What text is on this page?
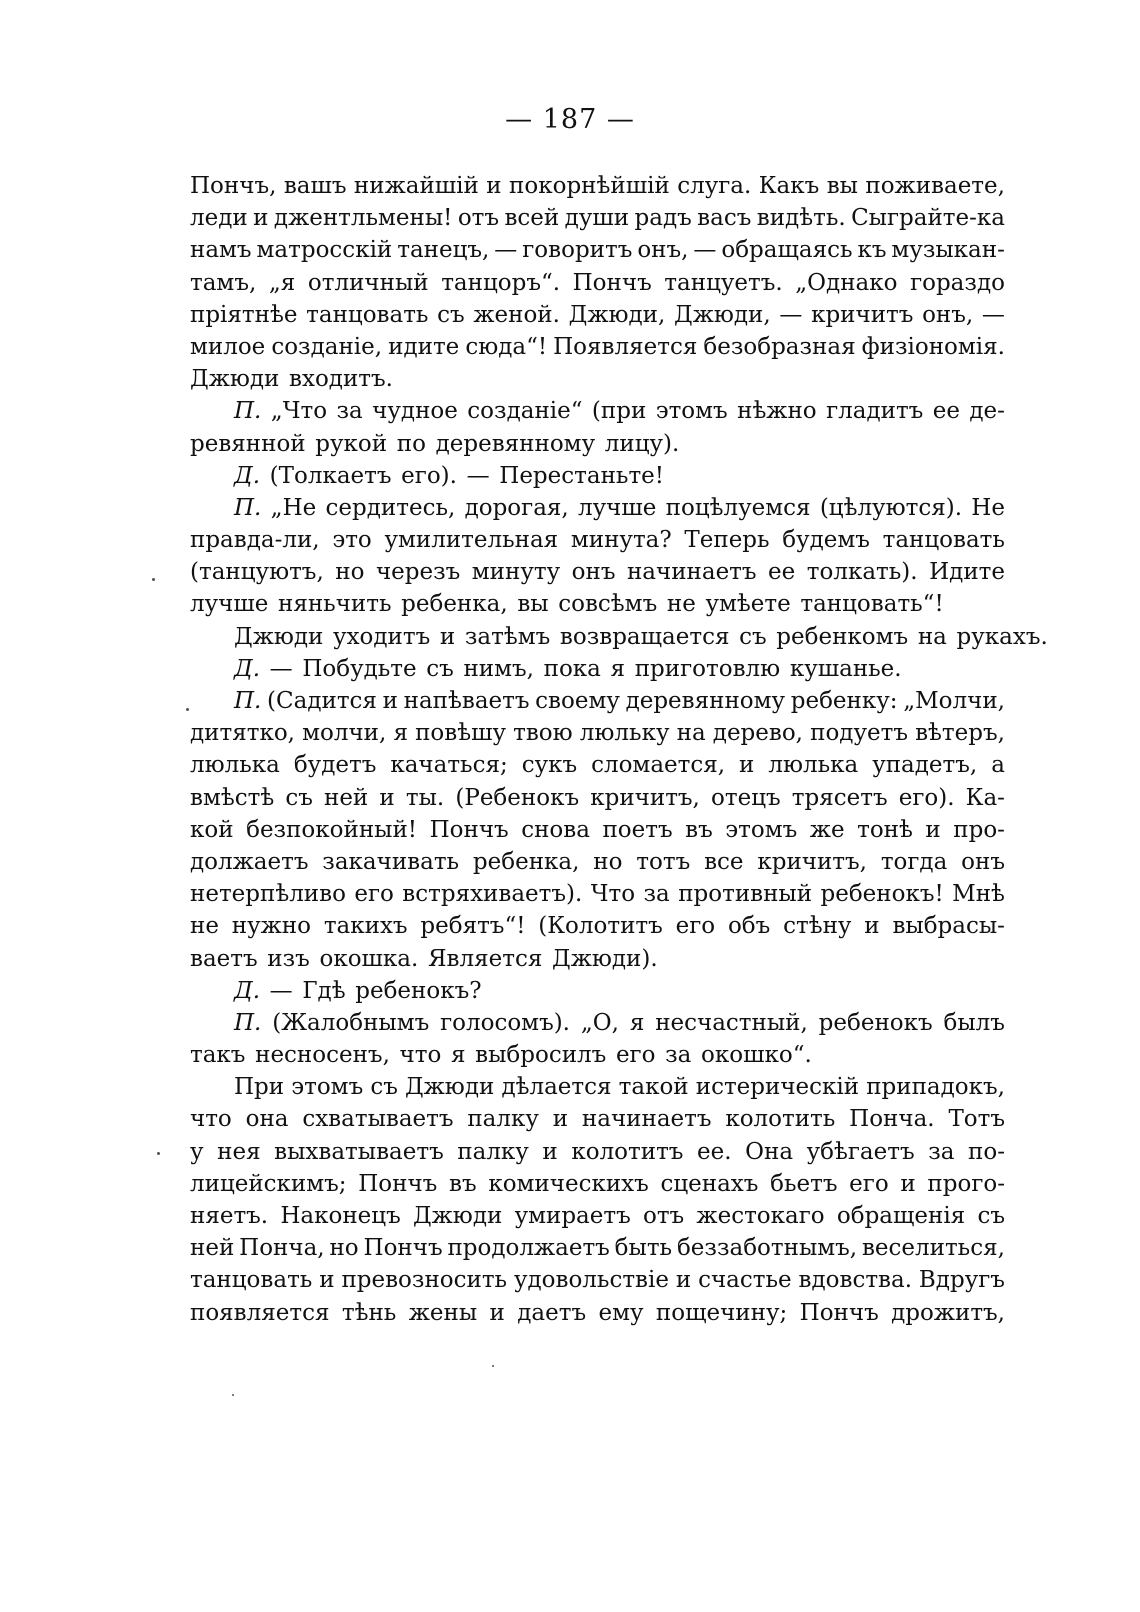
— 187 —
Пончъ, вашъ нижайшій и покорнѣйшій слуга. Какъ вы поживаете,
леди и джентльмены! отъ всей души радъ васъ видѣть. Сыграйте-ка
намъ матросскій танецъ, — говоритъ онъ, — обращаясь къ музыкан-
тамъ, „я отличный танцоръ“. Пончъ танцуетъ. „Однако гораздо
пріятнѣе танцовать съ женой. Джюди, Джюди, — кричитъ онъ, —
милое созданіе, идите сюда“! Появляется безобразная физіономія.
Джюди входитъ.
П. „Что за чудное созданіе“ (при этомъ нѣжно гладитъ ее де-
ревянной рукой по деревянному лицу).
Д. (Толкаетъ его). — Перестаньте!
П. „Не сердитесь, дорогая, лучше поцѣлуемся (цѣлуются). Не
правда-ли, это умилительная минута? Теперь будемъ танцовать
(танцуютъ, но черезъ минуту онъ начинаетъ ее толкать). Идите
лучше няньчить ребенка, вы совсѣмъ не умѣете танцовать“!
Джюди уходитъ и затѣмъ возвращается съ ребенкомъ на рукахъ.
Д. — Побудьте съ нимъ, пока я приготовлю кушанье.
П. (Садится и напѣваетъ своему деревянному ребенку: „Молчи,
дитятко, молчи, я повѣшу твою люльку на дерево, подуетъ вѣтеръ,
люлька будетъ качаться; сукъ сломается, и люлька упадетъ, а
вмѣстѣ съ ней и ты. (Ребенокъ кричитъ, отецъ трясетъ его). Ка-
кой безпокойный! Пончъ снова поетъ въ этомъ же тонѣ и про-
должаетъ закачивать ребенка, но тотъ все кричитъ, тогда онъ
нетерпѣливо его встряхиваетъ). Что за противный ребенокъ! Мнѣ
не нужно такихъ ребятъ“! (Колотитъ его объ стѣну и выбрасы-
ваетъ изъ окошка. Является Джюди).
Д. — Гдѣ ребенокъ?
П. (Жалобнымъ голосомъ). „О, я несчастный, ребенокъ былъ
такъ несносенъ, что я выбросилъ его за окошко“.
При этомъ съ Джюди дѣлается такой истерическій припадокъ,
что она схватываетъ палку и начинаетъ колотить Понча. Тотъ
у нея выхватываетъ палку и колотитъ ее. Она убѣгаетъ за по-
лицейскимъ; Пончъ въ комическихъ сценахъ бьетъ его и прого-
няетъ. Наконецъ Джюди умираетъ отъ жестокаго обращенія съ
ней Понча, но Пончъ продолжаетъ быть беззаботнымъ, веселиться,
танцовать и превозносить удовольствіе и счастье вдовства. Вдругъ
появляется тѣнь жены и даетъ ему пощечину; Пончъ дрожитъ,
